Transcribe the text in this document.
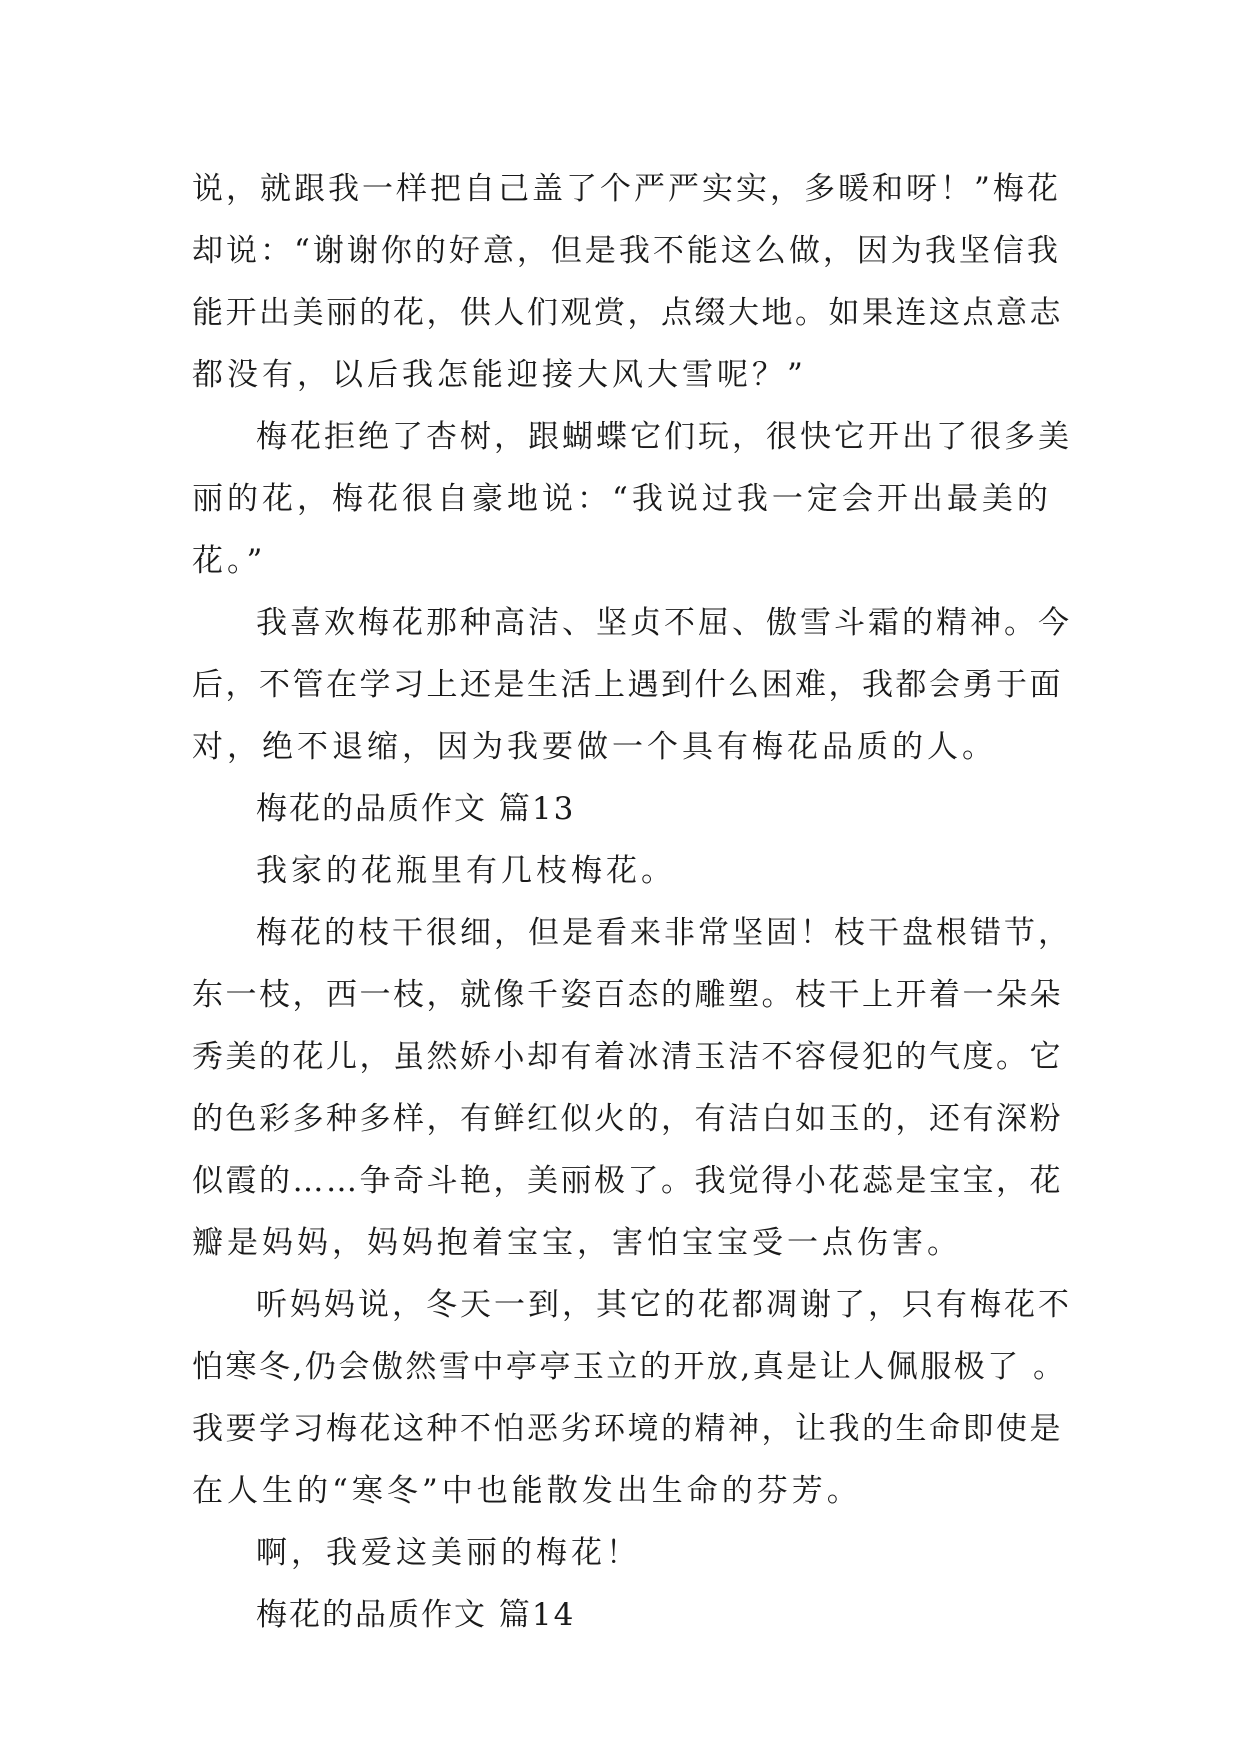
说，就跟我一样把自己盖了个严严实实，多暖和呀！”梅花
却说：“谢谢你的好意，但是我不能这么做，因为我坚信我
能开出美丽的花，供人们观赏，点缀大地。如果连这点意志
都没有，以后我怎能迎接大风大雪呢？”
梅花拒绝了杏树，跟蝴蝶它们玩，很快它开出了很多美
丽的花，梅花很自豪地说：“我说过我一定会开出最美的
花。”
我喜欢梅花那种高洁、坚贞不屈、傲雪斗霜的精神。今
后，不管在学习上还是生活上遇到什么困难，我都会勇于面
对，绝不退缩，因为我要做一个具有梅花品质的人。
梅花的品质作文 篇13
我家的花瓶里有几枝梅花。
梅花的枝干很细，但是看来非常坚固！枝干盘根错节，
东一枝，西一枝，就像千姿百态的雕塑。枝干上开着一朵朵
秀美的花儿，虽然娇小却有着冰清玉洁不容侵犯的气度。它
的色彩多种多样，有鲜红似火的，有洁白如玉的，还有深粉
似霞的……争奇斗艳，美丽极了。我觉得小花蕊是宝宝，花
瓣是妈妈，妈妈抱着宝宝，害怕宝宝受一点伤害。
听妈妈说，冬天一到，其它的花都凋谢了，只有梅花不
怕寒冬,仍会傲然雪中亭亭玉立的开放,真是让人佩服极了 。
我要学习梅花这种不怕恶劣环境的精神，让我的生命即使是
在人生的“寒冬”中也能散发出生命的芬芳。
啊，我爱这美丽的梅花！
梅花的品质作文 篇14
